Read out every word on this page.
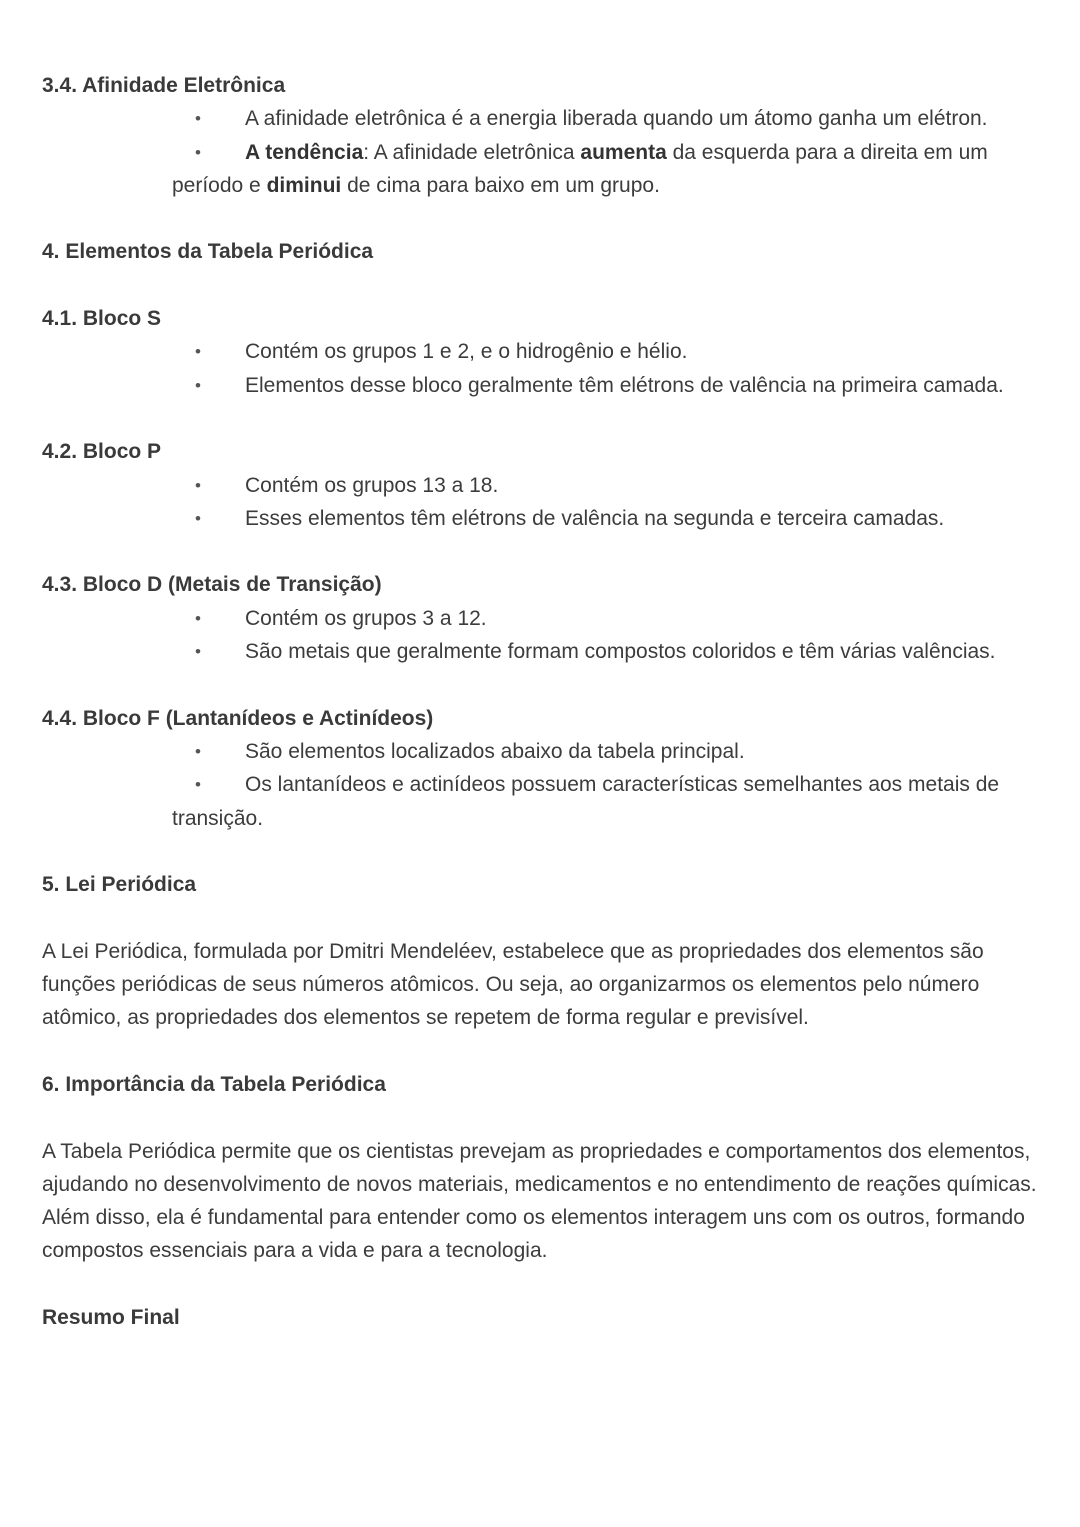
3.4. Afinidade Eletrônica

• A afinidade eletrônica é a energia liberada quando um átomo ganha um elétron.

• A tendência: A afinidade eletrônica aumenta da esquerda para a direita em um período e diminui de cima para baixo em um grupo.

4. Elementos da Tabela Periódica

4.1. Bloco S

• Contém os grupos 1 e 2, e o hidrogênio e hélio.

• Elementos desse bloco geralmente têm elétrons de valência na primeira camada.

4.2. Bloco P

• Contém os grupos 13 a 18.

• Esses elementos têm elétrons de valência na segunda e terceira camadas.

4.3. Bloco D (Metais de Transição)

• Contém os grupos 3 a 12.

• São metais que geralmente formam compostos coloridos e têm várias valências.

4.4. Bloco F (Lantanídeos e Actinídeos)

• São elementos localizados abaixo da tabela principal.

• Os lantanídeos e actinídeos possuem características semelhantes aos metais de transição.

5. Lei Periódica

A Lei Periódica, formulada por Dmitri Mendeléev, estabelece que as propriedades dos elementos são funções periódicas de seus números atômicos. Ou seja, ao organizarmos os elementos pelo número atômico, as propriedades dos elementos se repetem de forma regular e previsível.

6. Importância da Tabela Periódica

A Tabela Periódica permite que os cientistas prevejam as propriedades e comportamentos dos elementos, ajudando no desenvolvimento de novos materiais, medicamentos e no entendimento de reações químicas. Além disso, ela é fundamental para entender como os elementos interagem uns com os outros, formando compostos essenciais para a vida e para a tecnologia.

Resumo Final
